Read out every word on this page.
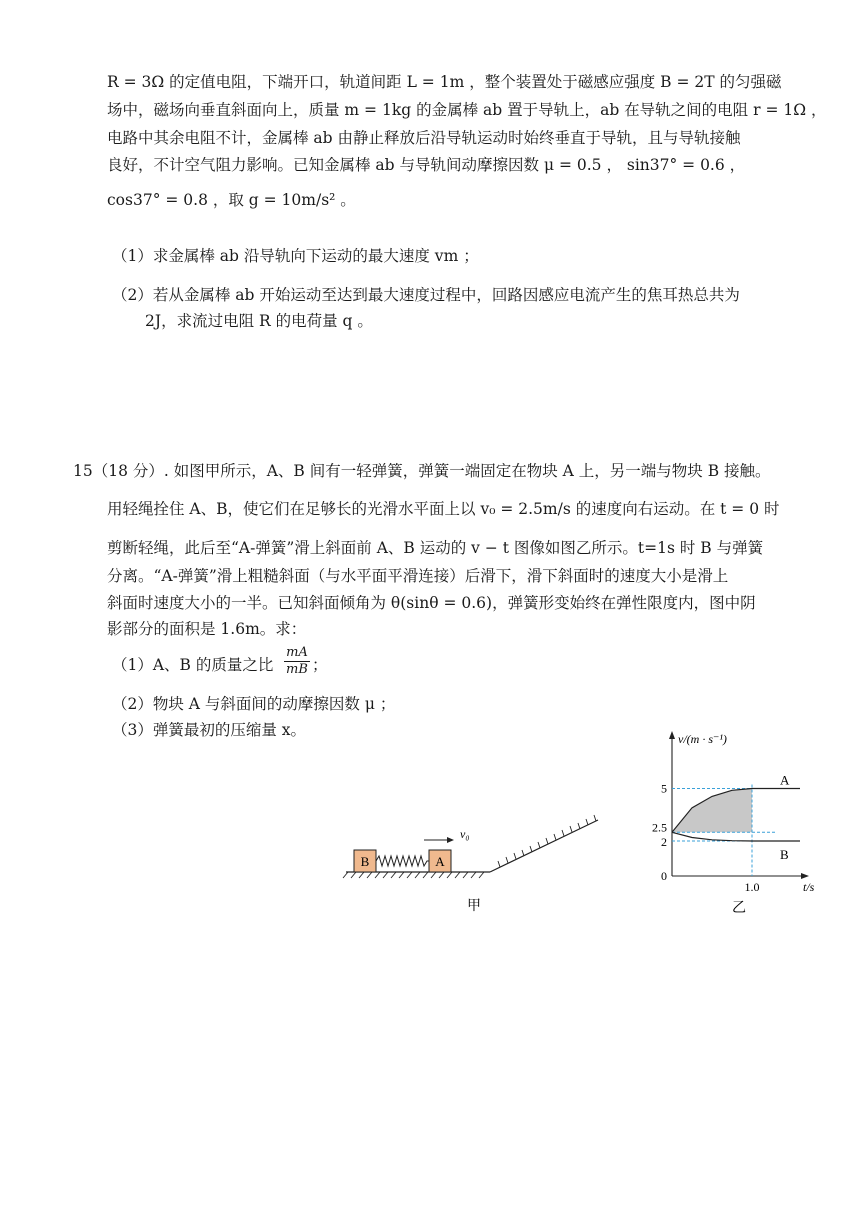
R = 3Ω 的定值电阻，下端开口，轨道间距 L = 1m ，整个装置处于磁感应强度 B = 2T 的匀强磁
场中，磁场向垂直斜面向上，质量 m = 1kg 的金属棒 ab 置于导轨上，ab 在导轨之间的电阻 r = 1Ω ，
电路中其余电阻不计，金属棒 ab 由静止释放后沿导轨运动时始终垂直于导轨，且与导轨接触
良好，不计空气阻力影响。已知金属棒 ab 与导轨间动摩擦因数 μ = 0.5 ， sin37° = 0.6 ，
cos37° = 0.8 ，取 g = 10m/s² 。
（1）求金属棒 ab 沿导轨向下运动的最大速度 vm ；
（2）若从金属棒 ab 开始运动至达到最大速度过程中，回路因感应电流产生的焦耳热总共为
2J，求流过电阻 R 的电荷量 q 。
15（18 分）. 如图甲所示，A、B 间有一轻弹簧，弹簧一端固定在物块 A 上，另一端与物块 B 接触。
用轻绳拴住 A、B，使它们在足够长的光滑水平面上以 v₀ = 2.5m/s 的速度向右运动。在 t = 0 时
剪断轻绳，此后至“A-弹簧”滑上斜面前 A、B 运动的 v − t 图像如图乙所示。t=1s 时 B 与弹簧
分离。“A-弹簧”滑上粗糙斜面（与水平面平滑连接）后滑下，滑下斜面时的速度大小是滑上
斜面时速度大小的一半。已知斜面倾角为 θ(sinθ = 0.6)，弹簧形变始终在弹性限度内，图中阴
影部分的面积是 1.6m。求：
（1）A、B 的质量之比
mA
mB ；
（2）物块 A 与斜面间的动摩擦因数 μ ；
（3）弹簧最初的压缩量 x。
B	A
v₀
甲
v/(m · s⁻¹)
t/s
A
B
0
2
2.5
5
1.0
乙
